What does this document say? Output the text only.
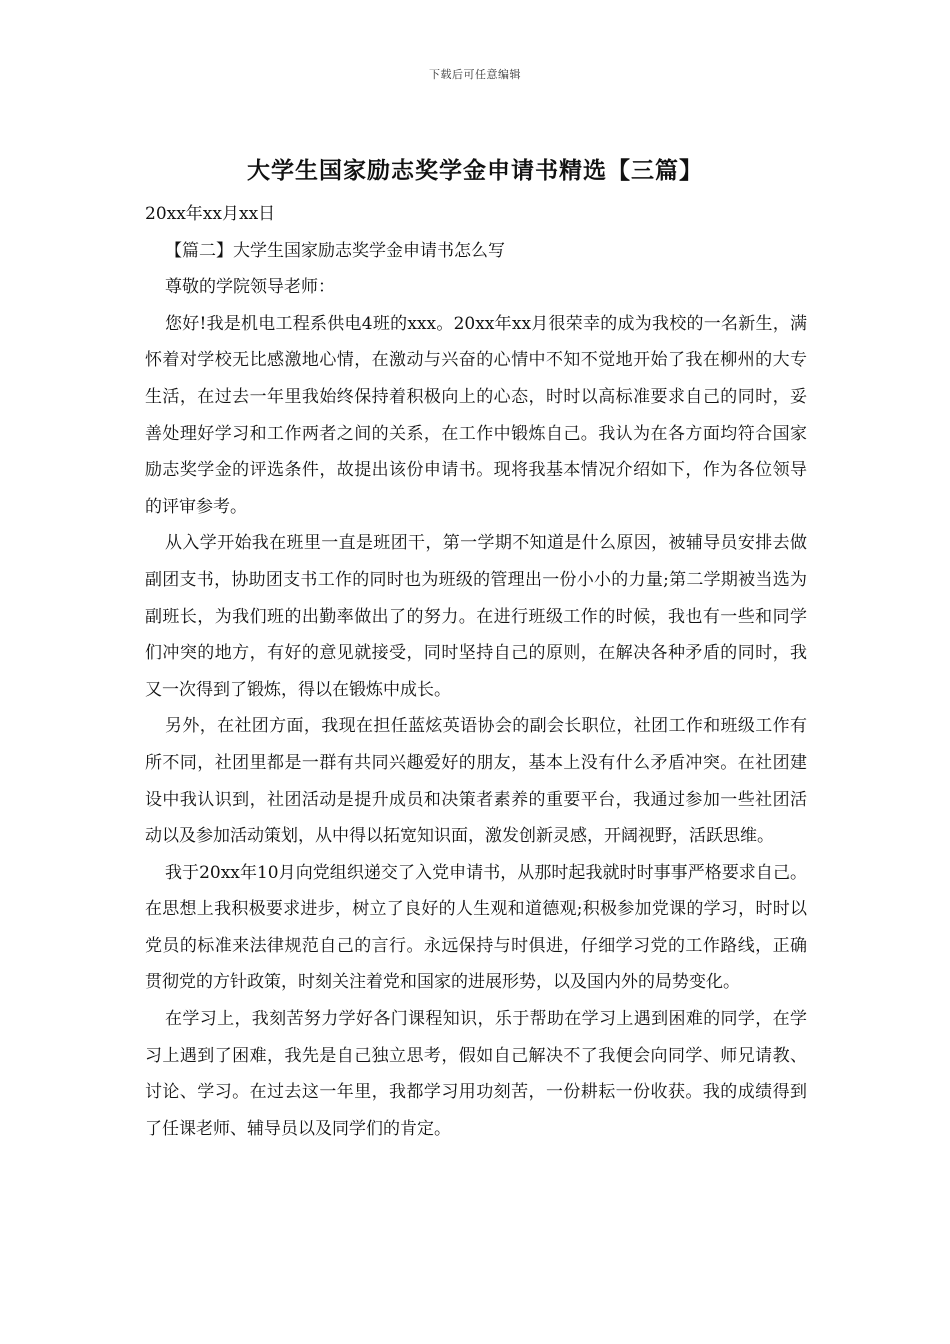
下载后可任意编辑
大学生国家励志奖学金申请书精选【三篇】

20xx年xx月xx日

【篇二】大学生国家励志奖学金申请书怎么写

尊敬的学院领导老师：

您好!我是机电工程系供电4班的xxx。20xx年xx月很荣幸的成为我校的一名新生，满怀着对学校无比感激地心情，在激动与兴奋的心情中不知不觉地开始了我在柳州的大专生活，在过去一年里我始终保持着积极向上的心态，时时以高标准要求自己的同时，妥善处理好学习和工作两者之间的关系，在工作中锻炼自己。我认为在各方面均符合国家励志奖学金的评选条件，故提出该份申请书。现将我基本情况介绍如下，作为各位领导的评审参考。

从入学开始我在班里一直是班团干，第一学期不知道是什么原因，被辅导员安排去做副团支书，协助团支书工作的同时也为班级的管理出一份小小的力量;第二学期被当选为副班长，为我们班的出勤率做出了的努力。在进行班级工作的时候，我也有一些和同学们冲突的地方，有好的意见就接受，同时坚持自己的原则，在解决各种矛盾的同时，我又一次得到了锻炼，得以在锻炼中成长。

另外，在社团方面，我现在担任蓝炫英语协会的副会长职位，社团工作和班级工作有所不同，社团里都是一群有共同兴趣爱好的朋友，基本上没有什么矛盾冲突。在社团建设中我认识到，社团活动是提升成员和决策者素养的重要平台，我通过参加一些社团活动以及参加活动策划，从中得以拓宽知识面，激发创新灵感，开阔视野，活跃思维。

我于20xx年10月向党组织递交了入党申请书，从那时起我就时时事事严格要求自己。在思想上我积极要求进步，树立了良好的人生观和道德观;积极参加党课的学习，时时以党员的标准来法律规范自己的言行。永远保持与时俱进，仔细学习党的工作路线，正确贯彻党的方针政策，时刻关注着党和国家的进展形势，以及国内外的局势变化。

在学习上，我刻苦努力学好各门课程知识，乐于帮助在学习上遇到困难的同学，在学习上遇到了困难，我先是自己独立思考，假如自己解决不了我便会向同学、师兄请教、讨论、学习。在过去这一年里，我都学习用功刻苦，一份耕耘一份收获。我的成绩得到了任课老师、辅导员以及同学们的肯定。
